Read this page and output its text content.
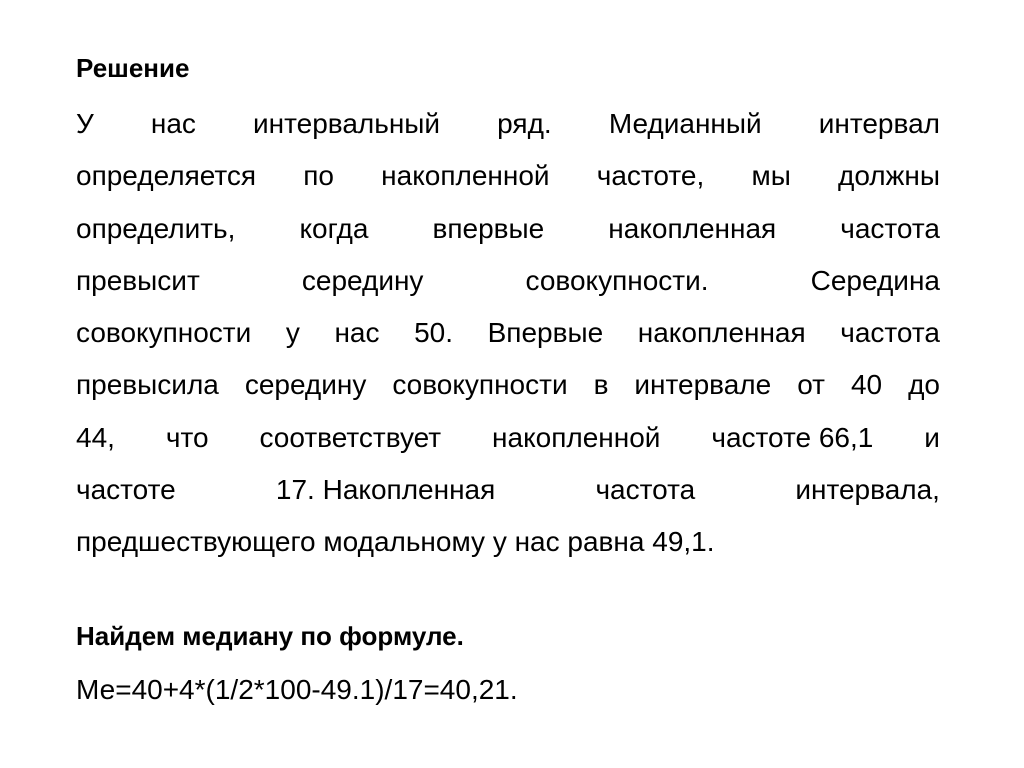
Решение
У нас интервальный ряд. Медианный интервал
определяется по накопленной частоте, мы должны
определить, когда впервые накопленная частота
превысит	середину	совокупности.	Середина
совокупности у нас 50. Впервые накопленная частота
превысила середину совокупности в интервале от 40 до
44, что соответствует накопленной частоте 66,1 и
частоте	17. Накопленная	частота	интервала,
предшествующего модальному у нас равна 49,1.
Найдем медиану по формуле.
Ме=40+4*(1/2*100-49.1)/17=40,21.
